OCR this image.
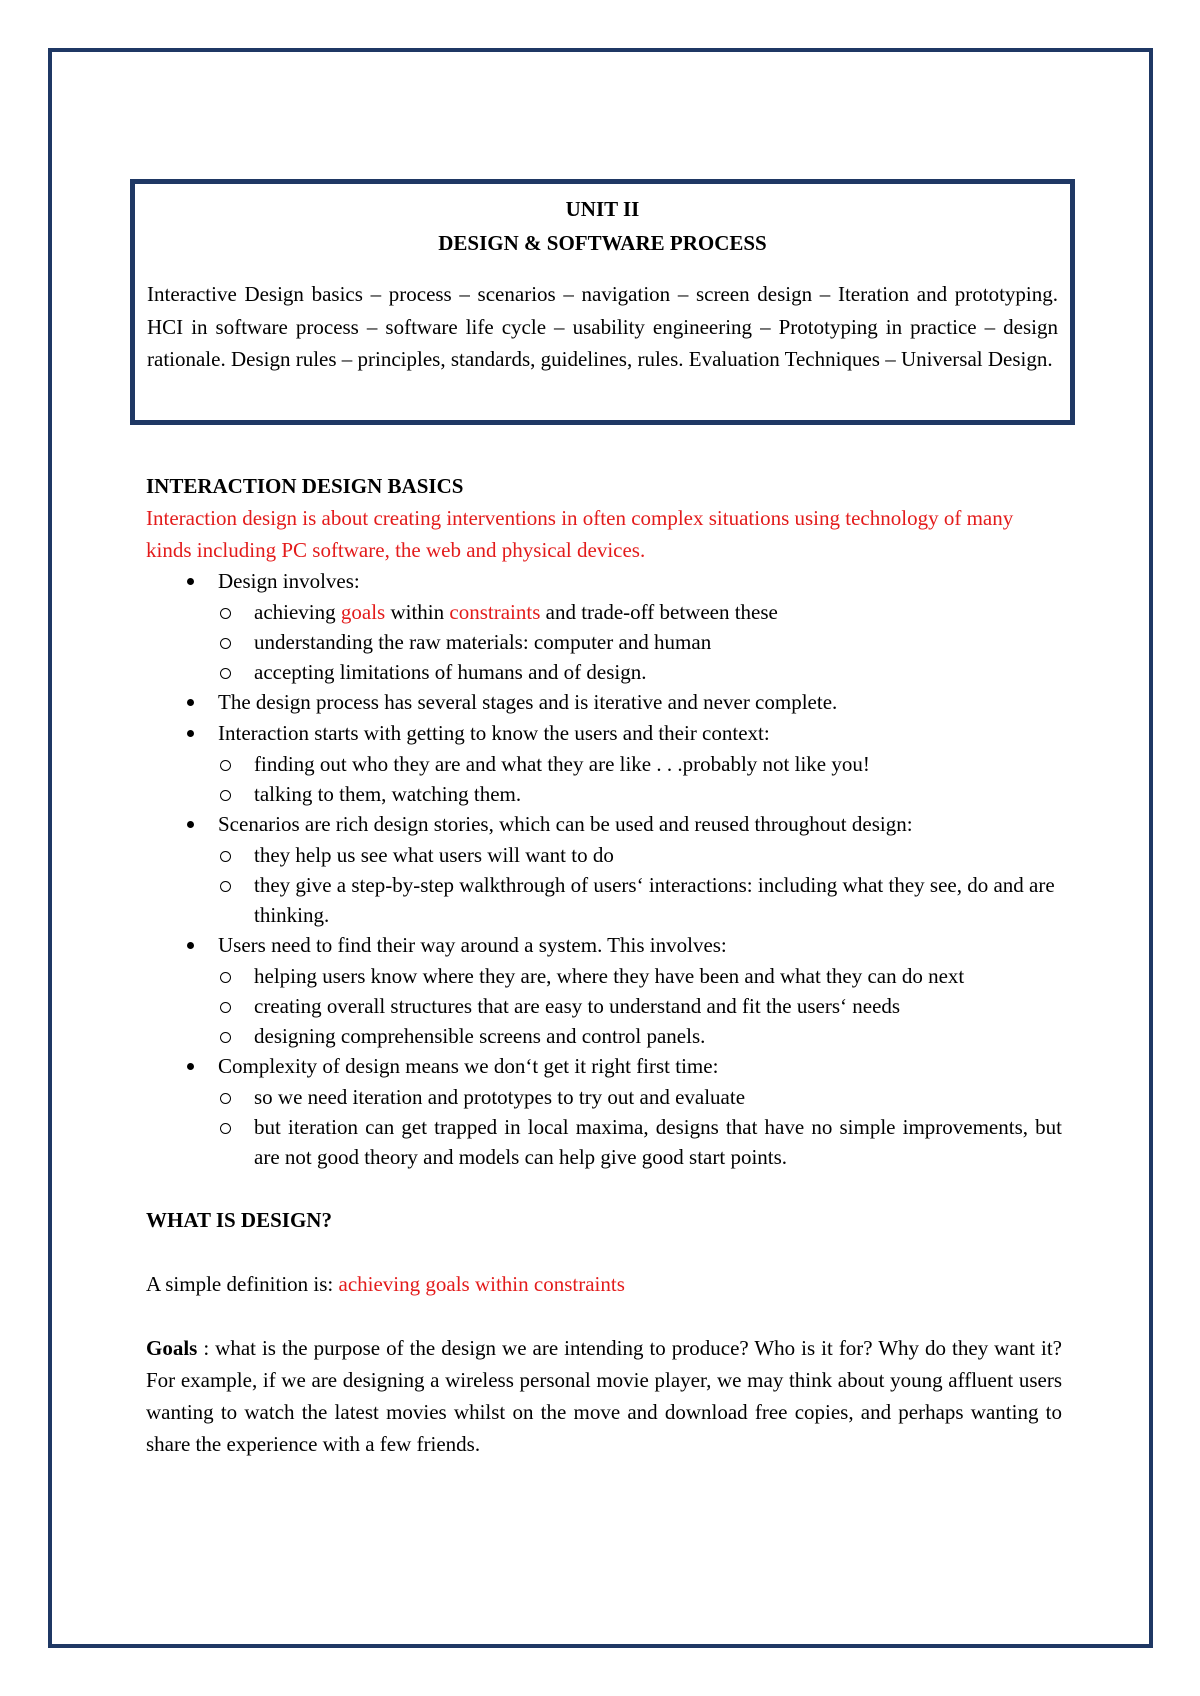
UNIT II

DESIGN & SOFTWARE PROCESS

Interactive Design basics – process – scenarios – navigation – screen design – Iteration and prototyping. HCI in software process – software life cycle – usability engineering – Prototyping in practice – design rationale. Design rules – principles, standards, guidelines, rules. Evaluation Techniques – Universal Design.

INTERACTION DESIGN BASICS

Interaction design is about creating interventions in often complex situations using technology of many kinds including PC software, the web and physical devices.

Design involves:
achieving goals within constraints and trade-off between these
understanding the raw materials: computer and human
accepting limitations of humans and of design.
The design process has several stages and is iterative and never complete.
Interaction starts with getting to know the users and their context:
finding out who they are and what they are like . . .probably not like you!
talking to them, watching them.
Scenarios are rich design stories, which can be used and reused throughout design:
they help us see what users will want to do
they give a step-by-step walkthrough of users‘ interactions: including what they see, do and are thinking.
Users need to find their way around a system. This involves:
helping users know where they are, where they have been and what they can do next
creating overall structures that are easy to understand and fit the users‘ needs
designing comprehensible screens and control panels.
Complexity of design means we don‘t get it right first time:
so we need iteration and prototypes to try out and evaluate
but iteration can get trapped in local maxima, designs that have no simple improvements, but are not good theory and models can help give good start points.

WHAT IS DESIGN?

A simple definition is: achieving goals within constraints

Goals : what is the purpose of the design we are intending to produce? Who is it for? Why do they want it? For example, if we are designing a wireless personal movie player, we may think about young affluent users wanting to watch the latest movies whilst on the move and download free copies, and perhaps wanting to share the experience with a few friends.
